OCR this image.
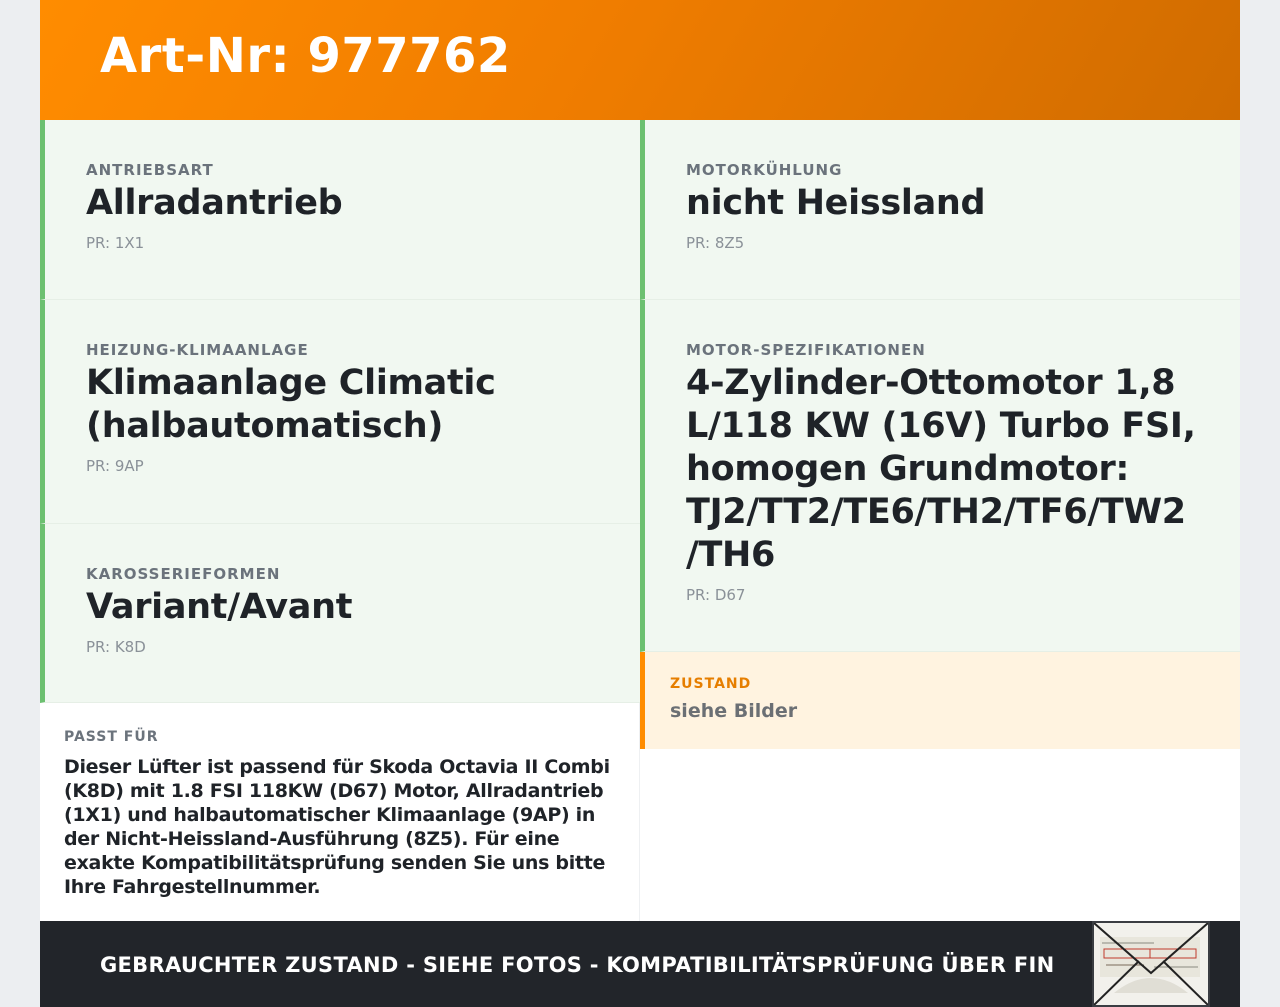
Art-Nr: 977762
ANTRIEBSART
Allradantrieb
PR: 1X1
HEIZUNG-KLIMAANLAGE
Klimaanlage Climatic (halbautomatisch)
PR: 9AP
KAROSSERIEFORMEN
Variant/Avant
PR: K8D
MOTORKÜHLUNG
nicht Heissland
PR: 8Z5
MOTOR-SPEZIFIKATIONEN
4-Zylinder-Ottomotor 1,8 L/118 KW (16V) Turbo FSI, homogen Grundmotor: TJ2/TT2/TE6/TH2/TF6/TW2 /TH6
PR: D67
ZUSTAND
siehe Bilder
PASST FÜR

Dieser Lüfter ist passend für Skoda Octavia II Combi (K8D) mit 1.8 FSI 118KW (D67) Motor, Allradantrieb (1X1) und halbautomatischer Klimaanlage (9AP) in der Nicht-Heissland-Ausführung (8Z5). Für eine exakte Kompatibilitätsprüfung senden Sie uns bitte Ihre Fahrgestellnummer.

GEBRAUCHTER ZUSTAND - SIEHE FOTOS - KOMPATIBILITÄTSPRÜFUNG ÜBER FIN
